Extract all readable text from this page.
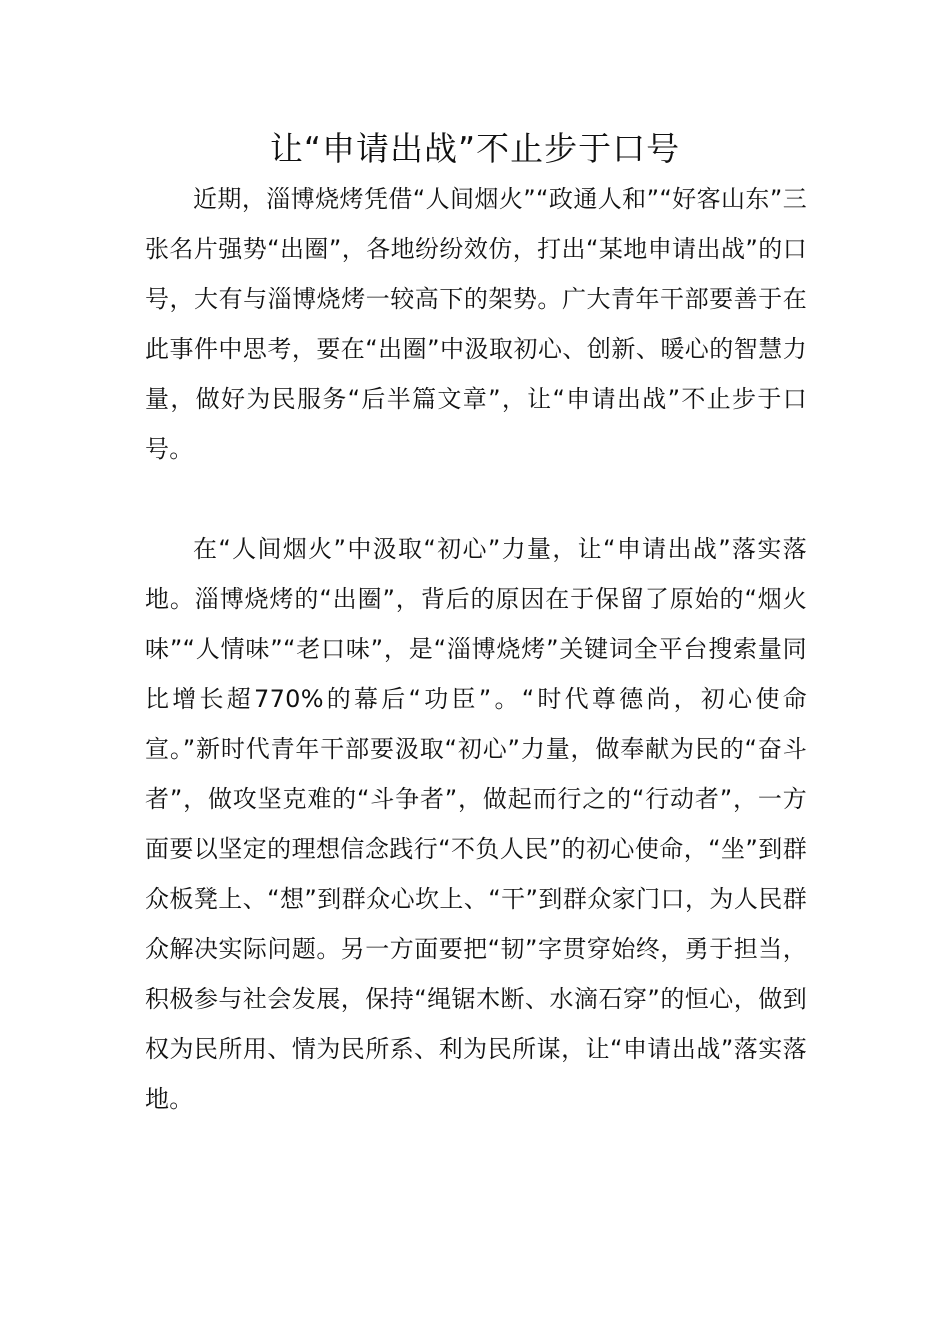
让“申请出战”不止步于口号

近期，淄博烧烤凭借“人间烟火”“政通人和”“好客山东”三张名片强势“出圈”，各地纷纷效仿，打出“某地申请出战”的口号，大有与淄博烧烤一较高下的架势。广大青年干部要善于在此事件中思考，要在“出圈”中汲取初心、创新、暖心的智慧力量，做好为民服务“后半篇文章”，让“申请出战”不止步于口号。

在“人间烟火”中汲取“初心”力量，让“申请出战”落实落地。淄博烧烤的“出圈”，背后的原因在于保留了原始的“烟火味”“人情味”“老口味”，是“淄博烧烤”关键词全平台搜索量同比增长超770%的幕后“功臣”。“时代尊德尚，初心使命宣。”新时代青年干部要汲取“初心”力量，做奉献为民的“奋斗者”，做攻坚克难的“斗争者”，做起而行之的“行动者”，一方面要以坚定的理想信念践行“不负人民”的初心使命，“坐”到群众板凳上、“想”到群众心坎上、“干”到群众家门口，为人民群众解决实际问题。另一方面要把“韧”字贯穿始终，勇于担当，积极参与社会发展，保持“绳锯木断、水滴石穿”的恒心，做到权为民所用、情为民所系、利为民所谋，让“申请出战”落实落地。
